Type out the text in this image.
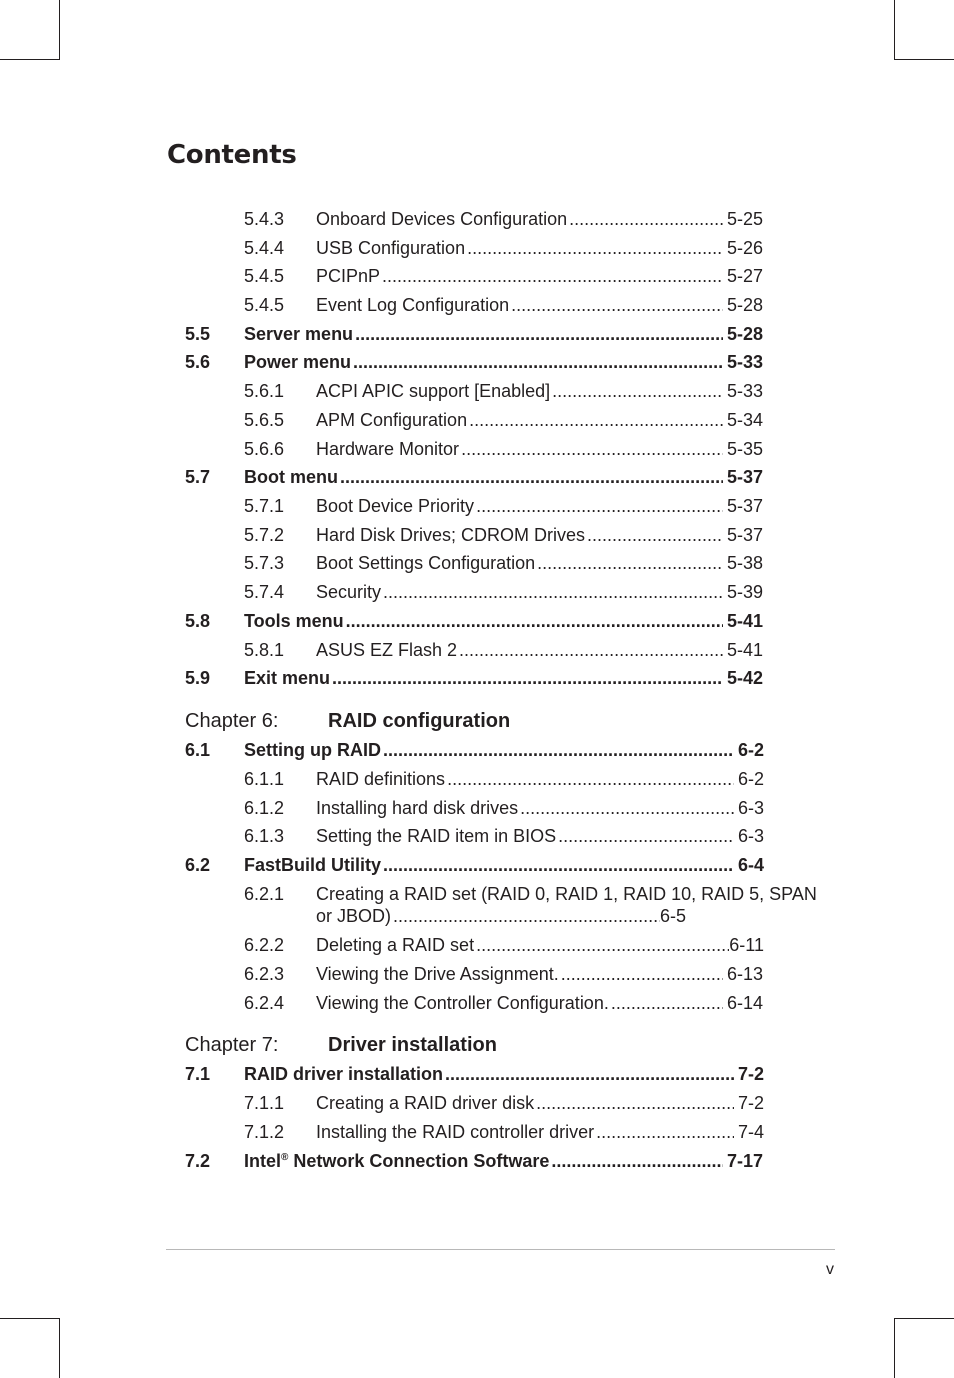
Contents
5.4.3 Onboard Devices Configuration .....	5-25
5.4.4 USB Configuration .....	5-26
5.4.5 PCIPnP .....	5-27
5.4.5 Event Log Configuration .....	5-28
5.5 Server menu .....	5-28
5.6 Power menu .....	5-33
5.6.1 ACPI APIC support [Enabled] .....	5-33
5.6.5 APM Configuration .....	5-34
5.6.6 Hardware Monitor .....	5-35
5.7 Boot menu .....	5-37
5.7.1 Boot Device Priority .....	5-37
5.7.2 Hard Disk Drives; CDROM Drives .....	5-37
5.7.3 Boot Settings Configuration .....	5-38
5.7.4 Security .....	5-39
5.8 Tools menu .....	5-41
5.8.1 ASUS EZ Flash 2 .....	5-41
5.9 Exit menu .....	5-42
Chapter 6: RAID configuration
6.1 Setting up RAID .....	6-2
6.1.1 RAID definitions .....	6-2
6.1.2 Installing hard disk drives .....	6-3
6.1.3 Setting the RAID item in BIOS .....	6-3
6.2 FastBuild Utility .....	6-4
6.2.1 Creating a RAID set (RAID 0, RAID 1, RAID 10, RAID 5, SPAN
or JBOD) .....	6-5
6.2.2 Deleting a RAID set .....	6-11
6.2.3 Viewing the Drive Assignment. .....	6-13
6.2.4 Viewing the Controller Configuration. .....	6-14
Chapter 7: Driver installation
7.1 RAID driver installation .....	7-2
7.1.1 Creating a RAID driver disk .....	7-2
7.1.2 Installing the RAID controller driver .....	7-4
7.2 Intel® Network Connection Software .....	7-17
v
